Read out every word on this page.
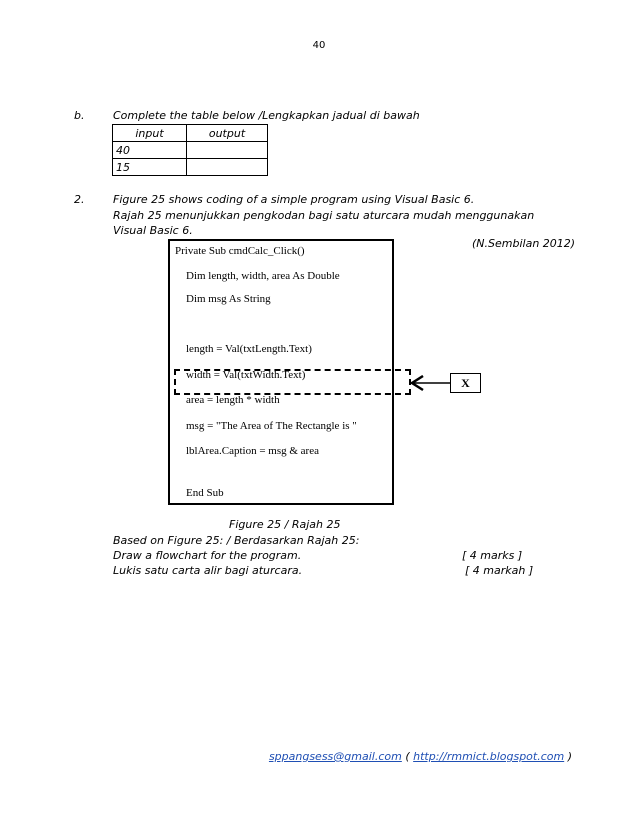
40
b.	Complete the table below /Lengkapkan jadual di bawah
input	output
40	
15	
2.	Figure 25 shows coding of a simple program using Visual Basic 6.
Rajah 25 menunjukkan pengkodan bagi satu aturcara mudah menggunakan
Visual Basic 6.
(N.Sembilan 2012)
Private Sub cmdCalc_Click()
Dim length, width, area As Double
Dim msg As String
length = Val(txtLength.Text)
width = Val(txtWidth.Text)
area = length * width
msg = "The Area of The Rectangle is "
lblArea.Caption = msg & area
End Sub
X
Figure 25 / Rajah 25
Based on Figure 25: / Berdasarkan Rajah 25:
Draw a flowchart for the program.	[ 4 marks ]
Lukis satu carta alir bagi aturcara.	[ 4 markah ]
sppangsess@gmail.com ( http://rmmict.blogspot.com )
